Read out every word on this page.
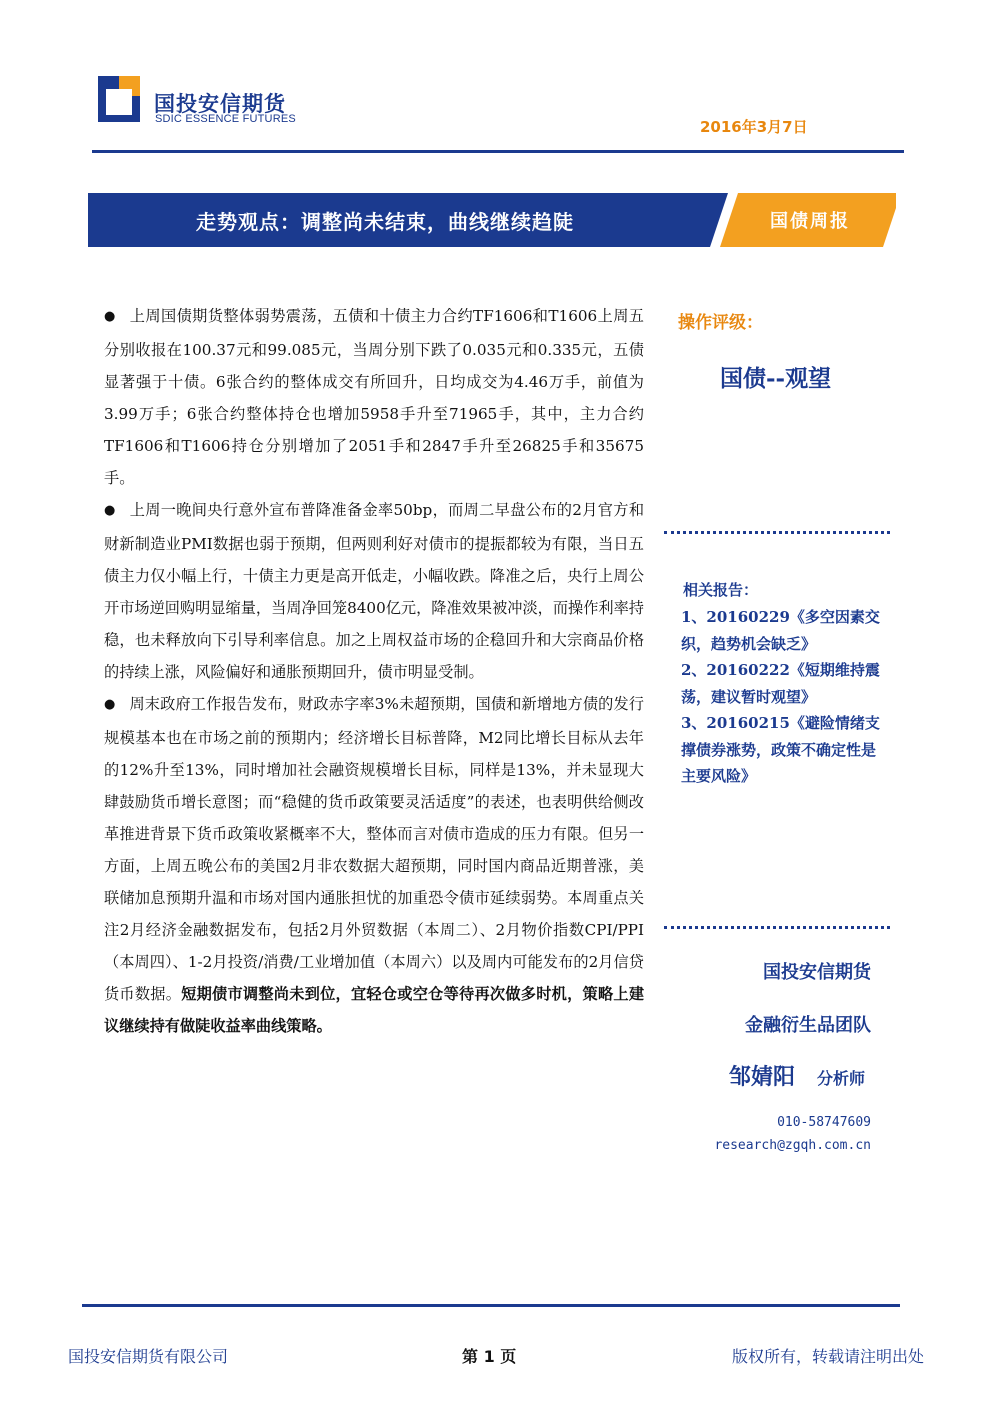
国投安信期货
SDIC ESSENCE FUTURES	2016年3月7日
走势观点：调整尚未结束，曲线继续趋陡	国债周报

● 上周国债期货整体弱势震荡，五债和十债主力合约TF1606和T1606上周五分别收报在100.37元和99.085元，当周分别下跌了0.035元和0.335元，五债显著强于十债。6张合约的整体成交有所回升，日均成交为4.46万手，前值为3.99万手；6张合约整体持仓也增加5958手升至71965手，其中，主力合约TF1606和T1606持仓分别增加了2051手和2847手升至26825手和35675手。

● 上周一晚间央行意外宣布普降准备金率50bp，而周二早盘公布的2月官方和财新制造业PMI数据也弱于预期，但两则利好对债市的提振都较为有限，当日五债主力仅小幅上行，十债主力更是高开低走，小幅收跌。降准之后，央行上周公开市场逆回购明显缩量，当周净回笼8400亿元，降准效果被冲淡，而操作利率持稳，也未释放向下引导利率信息。加之上周权益市场的企稳回升和大宗商品价格的持续上涨，风险偏好和通胀预期回升，债市明显受制。

● 周末政府工作报告发布，财政赤字率3%未超预期，国债和新增地方债的发行规模基本也在市场之前的预期内；经济增长目标普降，M2同比增长目标从去年的12%升至13%，同时增加社会融资规模增长目标，同样是13%，并未显现大肆鼓励货币增长意图；而“稳健的货币政策要灵活适度”的表述，也表明供给侧改革推进背景下货币政策收紧概率不大，整体而言对债市造成的压力有限。但另一方面，上周五晚公布的美国2月非农数据大超预期，同时国内商品近期普涨，美联储加息预期升温和市场对国内通胀担忧的加重恐令债市延续弱势。本周重点关注2月经济金融数据发布，包括2月外贸数据（本周二）、2月物价指数CPI/PPI（本周四）、1-2月投资/消费/工业增加值（本周六）以及周内可能发布的2月信贷货币数据。短期债市调整尚未到位，宜轻仓或空仓等待再次做多时机，策略上建议继续持有做陡收益率曲线策略。

操作评级：
国债--观望
相关报告：
1、20160229《多空因素交织，趋势机会缺乏》
2、20160222《短期维持震荡，建议暂时观望》
3、20160215《避险情绪支撑债券涨势，政策不确定性是主要风险》
国投安信期货
金融衍生品团队
邹婧阳 分析师
010-58747609
research@zgqh.com.cn
国投安信期货有限公司	第 1 页	版权所有，转载请注明出处
